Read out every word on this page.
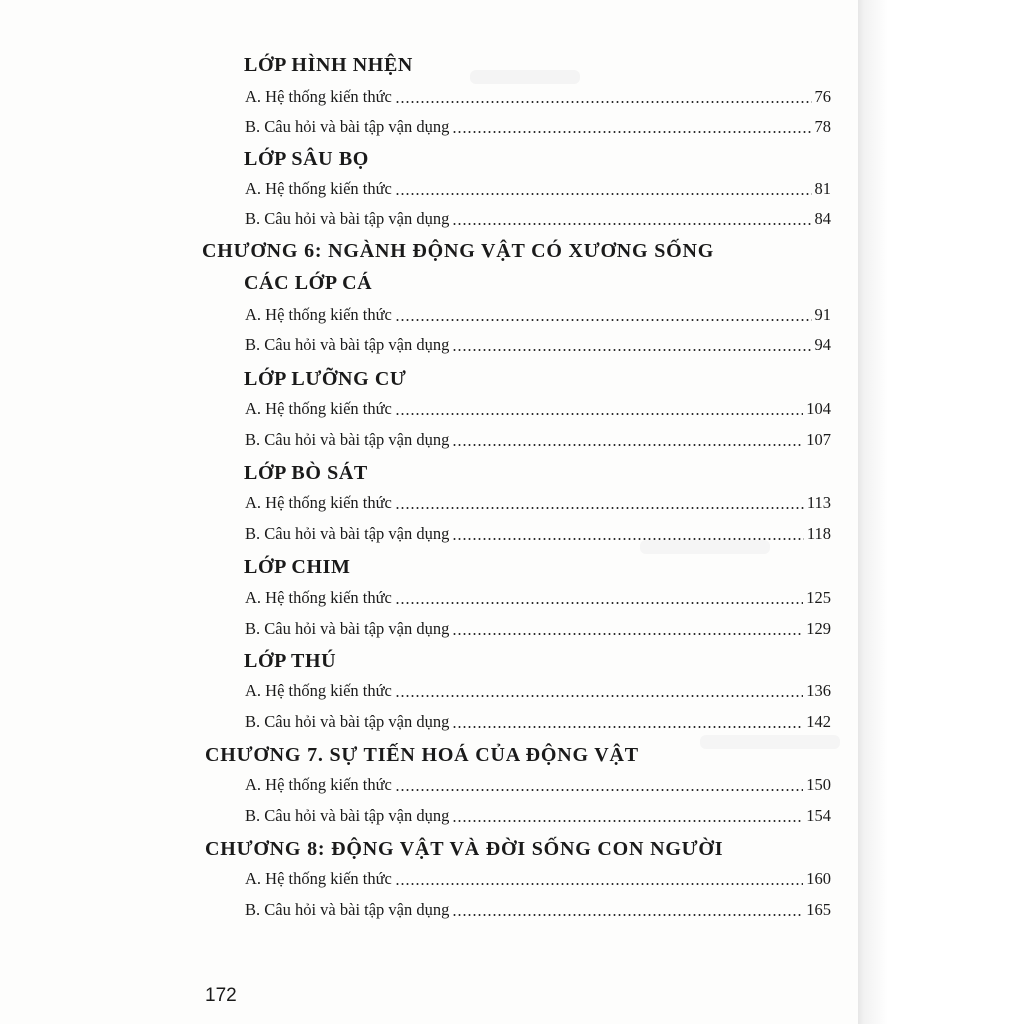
LỚP HÌNH NHỆN
A. Hệ thống kiến thức	76
B. Câu hỏi và bài tập vận dụng	78
LỚP SÂU BỌ
A. Hệ thống kiến thức	81
B. Câu hỏi và bài tập vận dụng	84
CHƯƠNG 6: NGÀNH ĐỘNG VẬT CÓ XƯƠNG SỐNG
CÁC LỚP CÁ
A. Hệ thống kiến thức	91
B. Câu hỏi và bài tập vận dụng	94
LỚP LƯỠNG CƯ
A. Hệ thống kiến thức	104
B. Câu hỏi và bài tập vận dụng	107
LỚP BÒ SÁT
A. Hệ thống kiến thức	113
B. Câu hỏi và bài tập vận dụng	118
LỚP CHIM
A. Hệ thống kiến thức	125
B. Câu hỏi và bài tập vận dụng	129
LỚP THÚ
A. Hệ thống kiến thức	136
B. Câu hỏi và bài tập vận dụng	142
CHƯƠNG 7. SỰ TIẾN HOÁ CỦA ĐỘNG VẬT
A. Hệ thống kiến thức	150
B. Câu hỏi và bài tập vận dụng	154
CHƯƠNG 8: ĐỘNG VẬT VÀ ĐỜI SỐNG CON NGƯỜI
A. Hệ thống kiến thức	160
B. Câu hỏi và bài tập vận dụng	165
172
